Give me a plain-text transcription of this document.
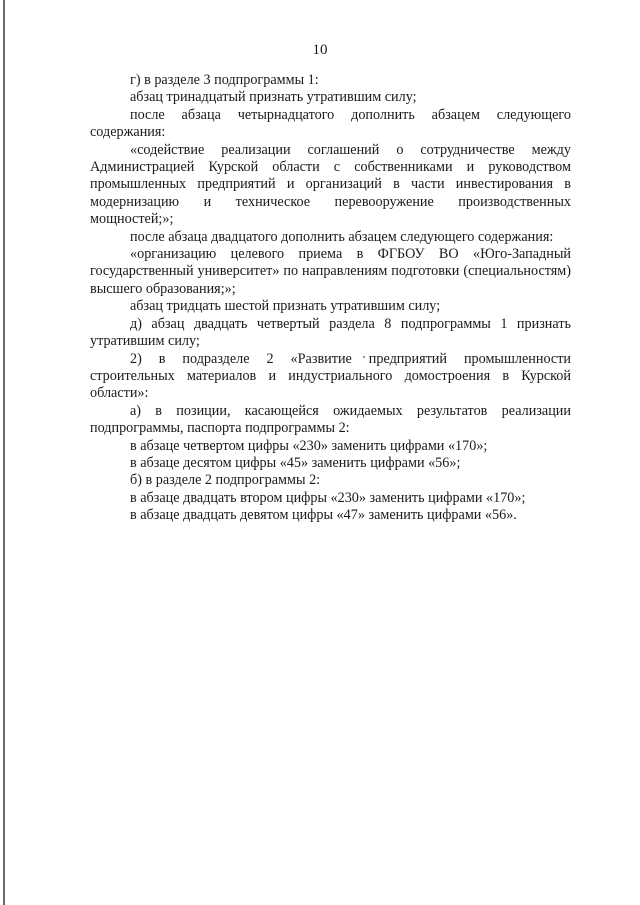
10

г) в разделе 3 подпрограммы 1:

абзац тринадцатый признать утратившим силу;

после абзаца четырнадцатого дополнить абзацем следующего содержания:

«содействие реализации соглашений о сотрудничестве между Администрацией Курской области с собственниками и руководством промышленных предприятий и организаций в части инвестирования в модернизацию и техническое перевооружение производственных мощностей;»;

после абзаца двадцатого дополнить абзацем следующего содержания:

«организацию целевого приема в ФГБОУ ВО «Юго-Западный государственный университет» по направлениям подготовки (специальностям) высшего образования;»;

абзац тридцать шестой признать утратившим силу;

д) абзац двадцать четвертый раздела 8 подпрограммы 1 признать утратившим силу;

2) в подразделе 2 «Развитие предприятий промышленности строительных материалов и индустриального домостроения в Курской области»:

а) в позиции, касающейся ожидаемых результатов реализации подпрограммы, паспорта подпрограммы 2:

в абзаце четвертом цифры «230» заменить цифрами «170»;

в абзаце десятом цифры «45» заменить цифрами «56»;

б) в разделе 2 подпрограммы 2:

в абзаце двадцать втором цифры «230» заменить цифрами «170»;

в абзаце двадцать девятом цифры «47» заменить цифрами «56».
